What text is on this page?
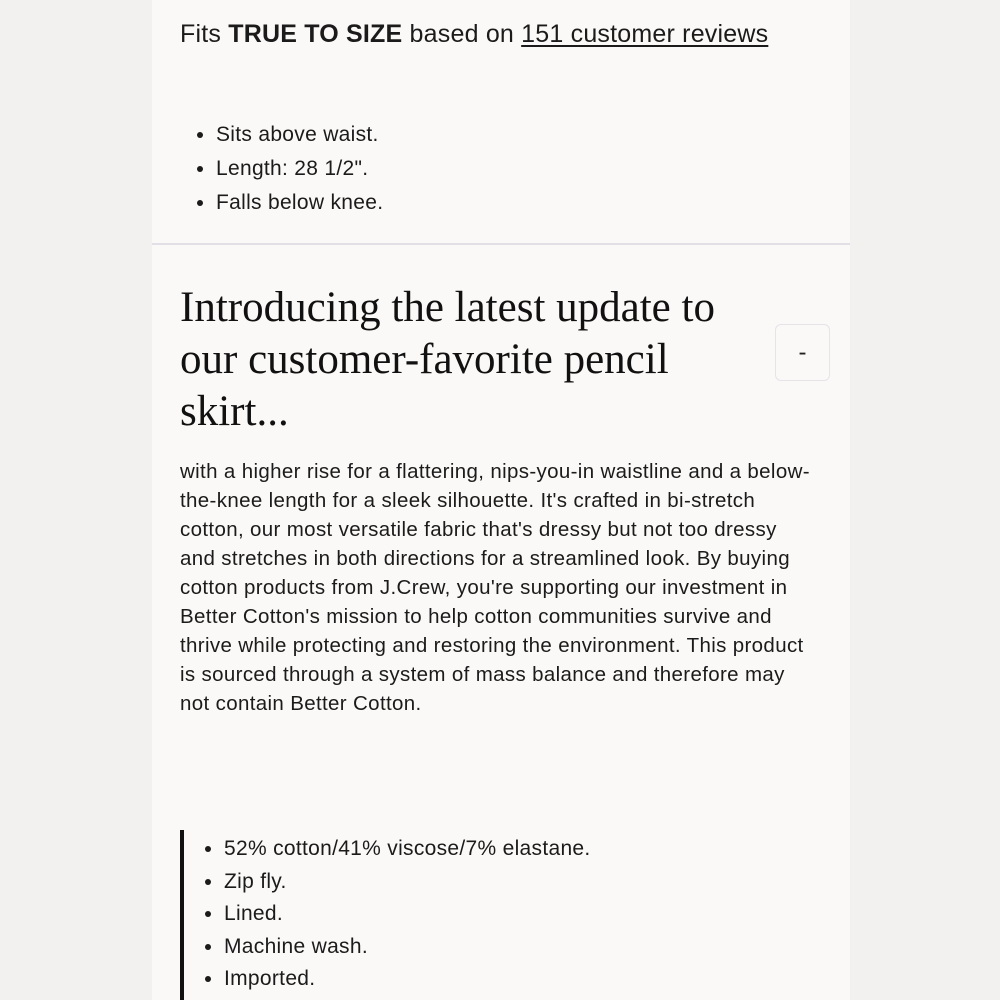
Fits TRUE TO SIZE based on 151 customer reviews
• Sits above waist.
• Length: 28 1/2".
• Falls below knee.
Introducing the latest update to our customer-favorite pencil skirt...
-

with a higher rise for a flattering, nips-you-in waistline and a below-the-knee length for a sleek silhouette. It's crafted in bi-stretch cotton, our most versatile fabric that's dressy but not too dressy and stretches in both directions for a streamlined look. By buying cotton products from J.Crew, you're supporting our investment in Better Cotton's mission to help cotton communities survive and thrive while protecting and restoring the environment. This product is sourced through a system of mass balance and therefore may not contain Better Cotton.

• 52% cotton/41% viscose/7% elastane.
• Zip fly.
• Lined.
• Machine wash.
• Imported.
